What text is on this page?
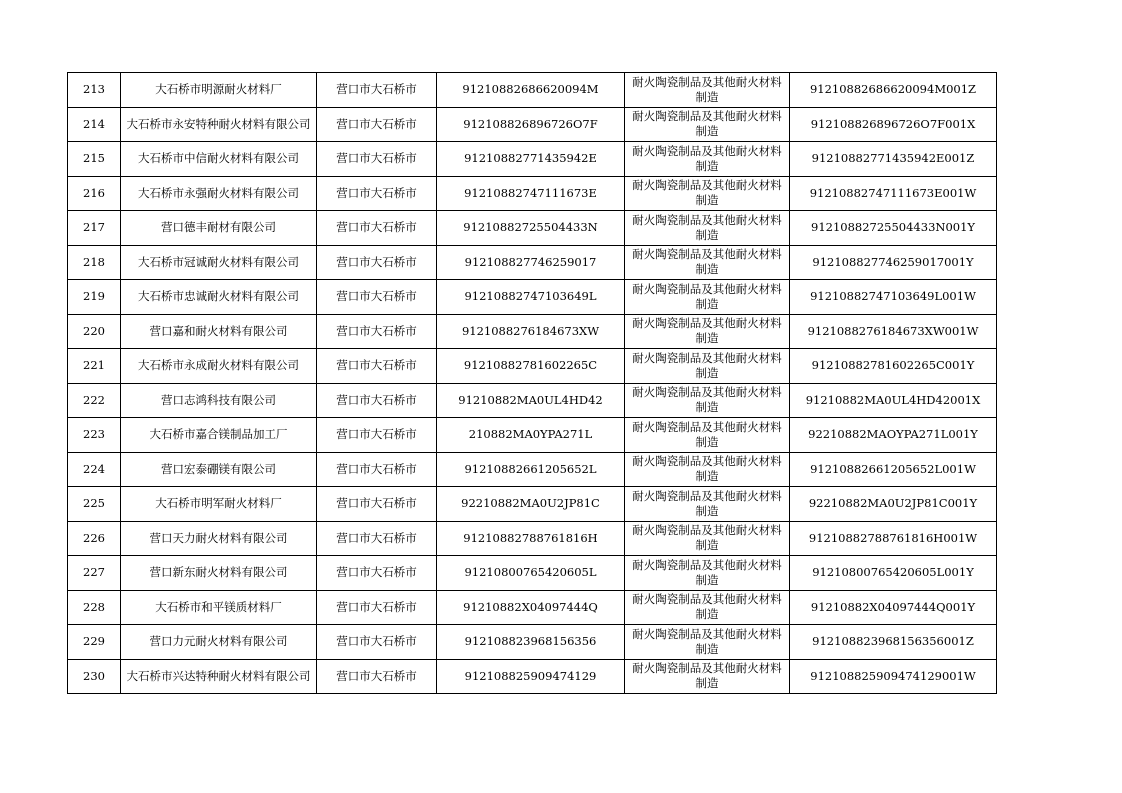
213	大石桥市明源耐火材料厂	营口市大石桥市	91210882686620094M	耐火陶瓷制品及其他耐火材料制造	91210882686620094M001Z
214	大石桥市永安特种耐火材料有限公司	营口市大石桥市	912108826896726O7F	耐火陶瓷制品及其他耐火材料制造	912108826896726O7F001X
215	大石桥市中信耐火材料有限公司	营口市大石桥市	91210882771435942E	耐火陶瓷制品及其他耐火材料制造	91210882771435942E001Z
216	大石桥市永强耐火材料有限公司	营口市大石桥市	91210882747111673E	耐火陶瓷制品及其他耐火材料制造	91210882747111673E001W
217	营口德丰耐材有限公司	营口市大石桥市	91210882725504433N	耐火陶瓷制品及其他耐火材料制造	91210882725504433N001Y
218	大石桥市冠诚耐火材料有限公司	营口市大石桥市	912108827746259017	耐火陶瓷制品及其他耐火材料制造	912108827746259017001Y
219	大石桥市忠诚耐火材料有限公司	营口市大石桥市	91210882747103649L	耐火陶瓷制品及其他耐火材料制造	91210882747103649L001W
220	营口嘉和耐火材料有限公司	营口市大石桥市	9121088276184673XW	耐火陶瓷制品及其他耐火材料制造	9121088276184673XW001W
221	大石桥市永成耐火材料有限公司	营口市大石桥市	91210882781602265C	耐火陶瓷制品及其他耐火材料制造	91210882781602265C001Y
222	营口志鸿科技有限公司	营口市大石桥市	91210882MA0UL4HD42	耐火陶瓷制品及其他耐火材料制造	91210882MA0UL4HD42001X
223	大石桥市嘉合镁制品加工厂	营口市大石桥市	210882MA0YPA271L	耐火陶瓷制品及其他耐火材料制造	92210882MAOYPA271L001Y
224	营口宏泰硼镁有限公司	营口市大石桥市	91210882661205652L	耐火陶瓷制品及其他耐火材料制造	91210882661205652L001W
225	大石桥市明军耐火材料厂	营口市大石桥市	92210882MA0U2JP81C	耐火陶瓷制品及其他耐火材料制造	92210882MA0U2JP81C001Y
226	营口天力耐火材料有限公司	营口市大石桥市	91210882788761816H	耐火陶瓷制品及其他耐火材料制造	91210882788761816H001W
227	营口新东耐火材料有限公司	营口市大石桥市	91210800765420605L	耐火陶瓷制品及其他耐火材料制造	91210800765420605L001Y
228	大石桥市和平镁质材料厂	营口市大石桥市	91210882X04097444Q	耐火陶瓷制品及其他耐火材料制造	91210882X04097444Q001Y
229	营口力元耐火材料有限公司	营口市大石桥市	912108823968156356	耐火陶瓷制品及其他耐火材料制造	912108823968156356001Z
230	大石桥市兴达特种耐火材料有限公司	营口市大石桥市	912108825909474129	耐火陶瓷制品及其他耐火材料制造	912108825909474129001W
